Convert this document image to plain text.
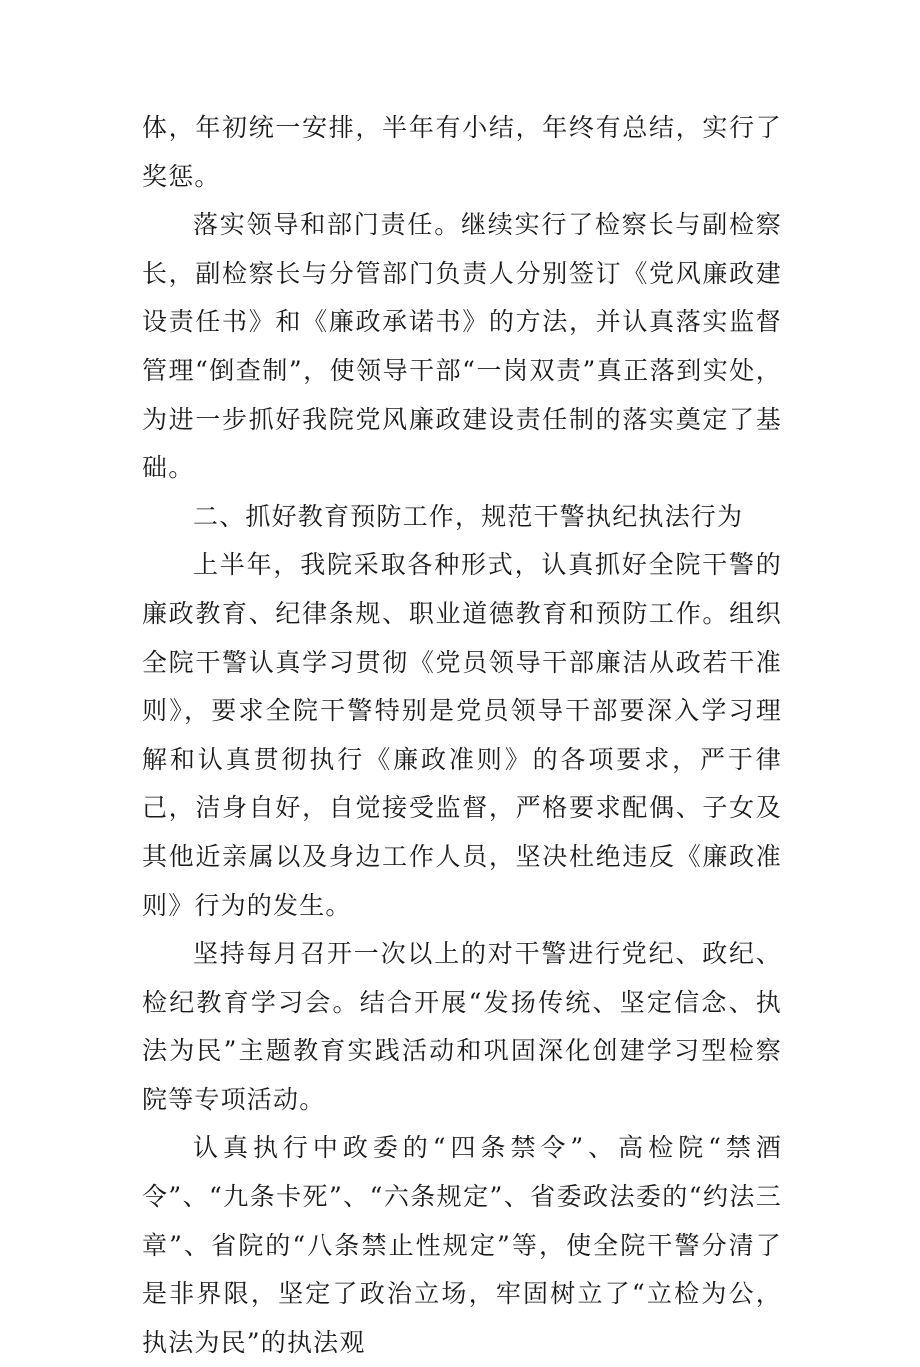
体，年初统一安排，半年有小结，年终有总结，实行了奖惩。

落实领导和部门责任。继续实行了检察长与副检察长，副检察长与分管部门负责人分别签订《党风廉政建设责任书》和《廉政承诺书》的方法，并认真落实监督管理“倒查制”，使领导干部“一岗双责”真正落到实处，为进一步抓好我院党风廉政建设责任制的落实奠定了基础。

二、抓好教育预防工作，规范干警执纪执法行为

上半年，我院采取各种形式，认真抓好全院干警的廉政教育、纪律条规、职业道德教育和预防工作。组织全院干警认真学习贯彻《党员领导干部廉洁从政若干准则》，要求全院干警特别是党员领导干部要深入学习理解和认真贯彻执行《廉政准则》的各项要求，严于律己，洁身自好，自觉接受监督，严格要求配偶、子女及其他近亲属以及身边工作人员，坚决杜绝违反《廉政准则》行为的发生。

坚持每月召开一次以上的对干警进行党纪、政纪、检纪教育学习会。结合开展“发扬传统、坚定信念、执法为民”主题教育实践活动和巩固深化创建学习型检察院等专项活动。

认真执行中政委的“四条禁令”、高检院“禁酒令”、“九条卡死”、“六条规定”、省委政法委的“约法三章”、省院的“八条禁止性规定”等，使全院干警分清了是非界限，坚定了政治立场，牢固树立了“立检为公，执法为民”的执法观
